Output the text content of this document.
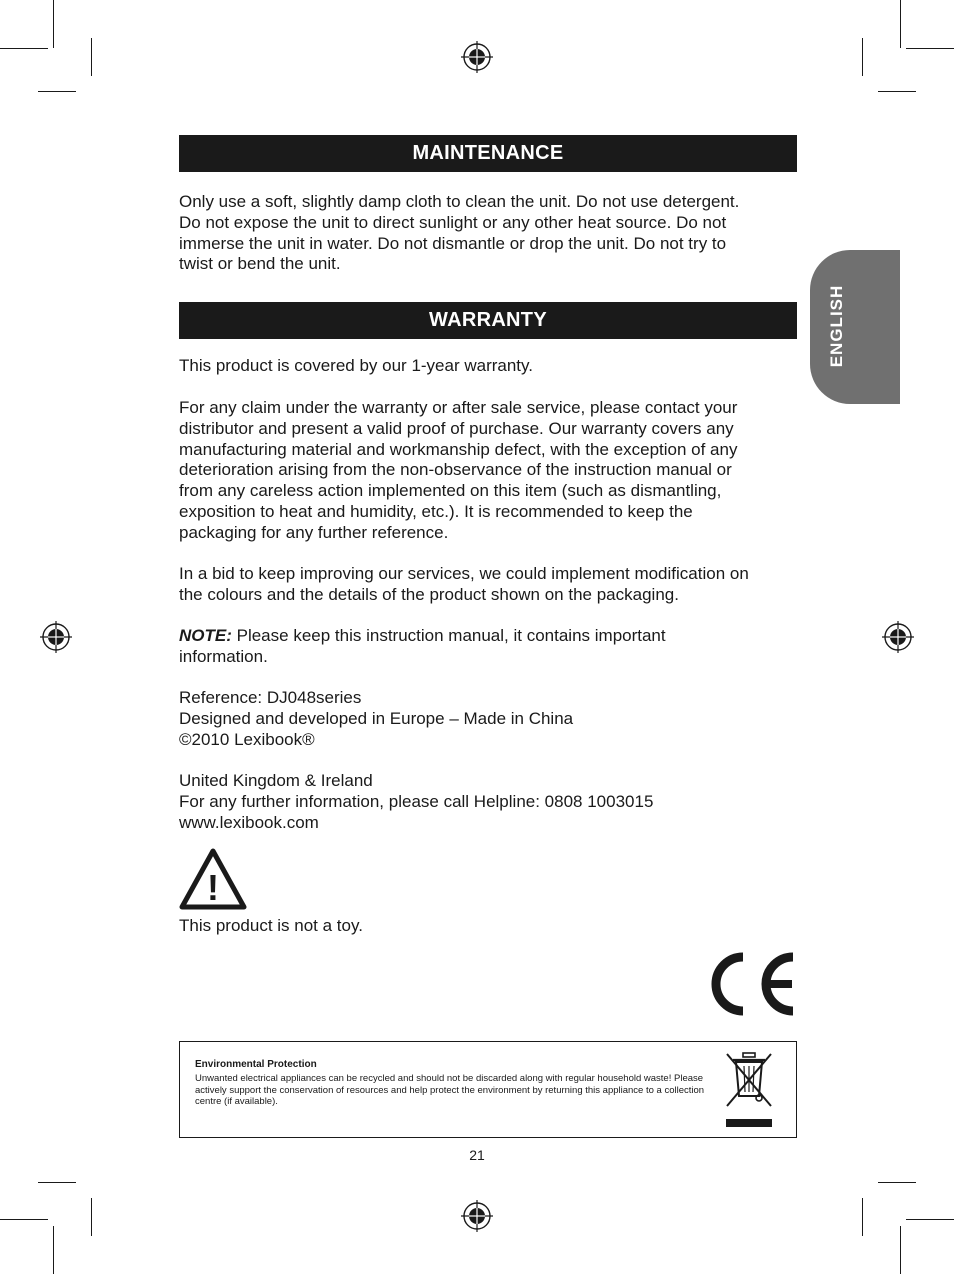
ENGLISH
MAINTENANCE

Only use a soft, slightly damp cloth to clean the unit. Do not use detergent.
Do not expose the unit to direct sunlight or any other heat source. Do not
immerse the unit in water. Do not dismantle or drop the unit. Do not try to
twist or bend the unit.

WARRANTY

This product is covered by our 1-year warranty.

For any claim under the warranty or after sale service, please contact your
distributor and present a valid proof of purchase. Our warranty covers any
manufacturing material and workmanship defect, with the exception of any
deterioration arising from the non-observance of the instruction manual or
from any careless action implemented on this item (such as dismantling,
exposition to heat and humidity, etc.). It is recommended to keep the
packaging for any further reference.

In a bid to keep improving our services, we could implement modification on
the colours and the details of the product shown on the packaging.

NOTE: Please keep this instruction manual, it contains important
information.

Reference: DJ048series
Designed and developed in Europe – Made in China
©2010 Lexibook®

United Kingdom & Ireland
For any further information, please call Helpline: 0808 1003015
www.lexibook.com

!

This product is not a toy.

Environmental Protection
Unwanted electrical appliances can be recycled and should not be discarded along with regular household waste! Please actively support the conservation of resources and help protect the environment by returning this appliance to a collection centre (if available).
21
